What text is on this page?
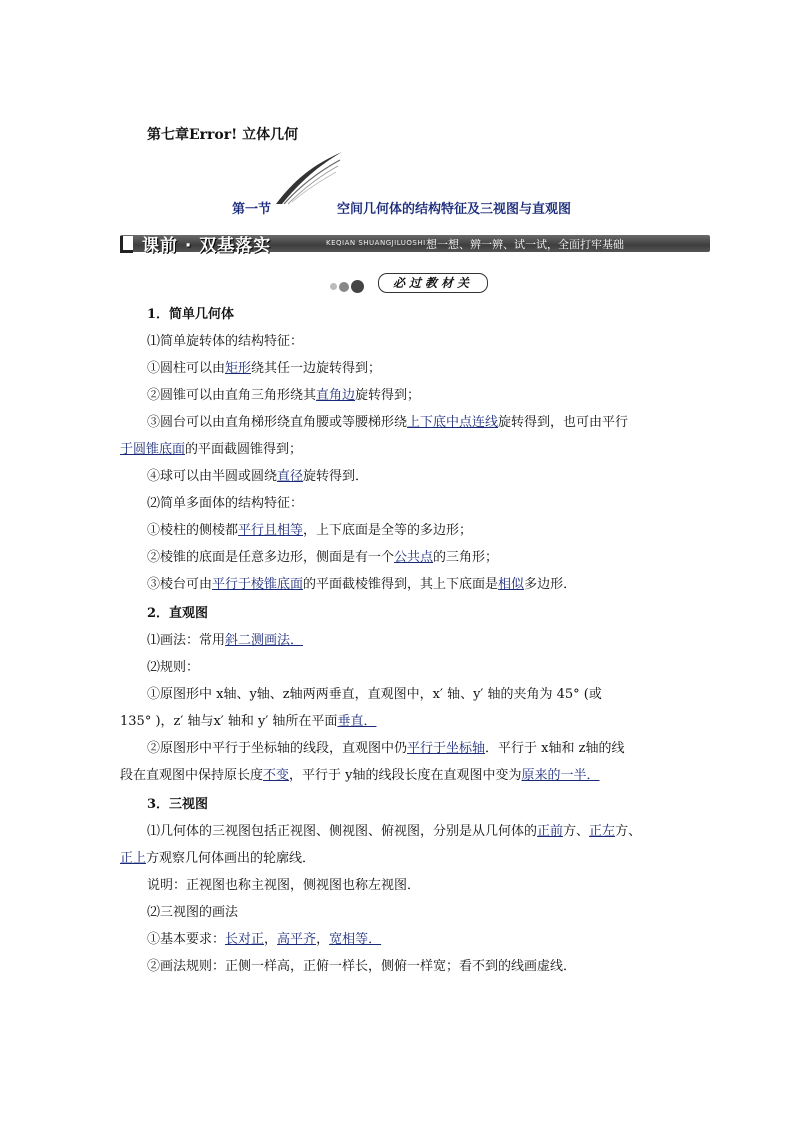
第七章Error! 立体几何
第一节	空间几何体的结构特征及三视图与直观图
课前 · 双基落实	KEQIAN SHUANGJILUOSHI 想一想、辨一辨、试一试，全面打牢基础
必过教材关
1．简单几何体
⑴简单旋转体的结构特征：
①圆柱可以由矩形绕其任一边旋转得到；
②圆锥可以由直角三角形绕其直角边旋转得到；
③圆台可以由直角梯形绕直角腰或等腰梯形绕上下底中点连线旋转得到，也可由平行
于圆锥底面的平面截圆锥得到；
④球可以由半圆或圆绕直径旋转得到．
⑵简单多面体的结构特征：
①棱柱的侧棱都平行且相等，上下底面是全等的多边形；
②棱锥的底面是任意多边形，侧面是有一个公共点的三角形；
③棱台可由平行于棱锥底面的平面截棱锥得到，其上下底面是相似多边形．
2．直观图
⑴画法：常用斜二测画法．
⑵规则：
①原图形中 x轴、y轴、z轴两两垂直，直观图中，x′ 轴、y′ 轴的夹角为 45° (或
135° )，z′ 轴与x′ 轴和 y′ 轴所在平面垂直．
②原图形中平行于坐标轴的线段，直观图中仍平行于坐标轴．平行于 x轴和 z轴的线
段在直观图中保持原长度不变，平行于 y轴的线段长度在直观图中变为原来的一半．
3．三视图
⑴几何体的三视图包括正视图、侧视图、俯视图，分别是从几何体的正前方、正左方、
正上方观察几何体画出的轮廓线．
说明：正视图也称主视图，侧视图也称左视图．
⑵三视图的画法
①基本要求：长对正，高平齐，宽相等．
②画法规则：正侧一样高，正俯一样长，侧俯一样宽；看不到的线画虚线．
